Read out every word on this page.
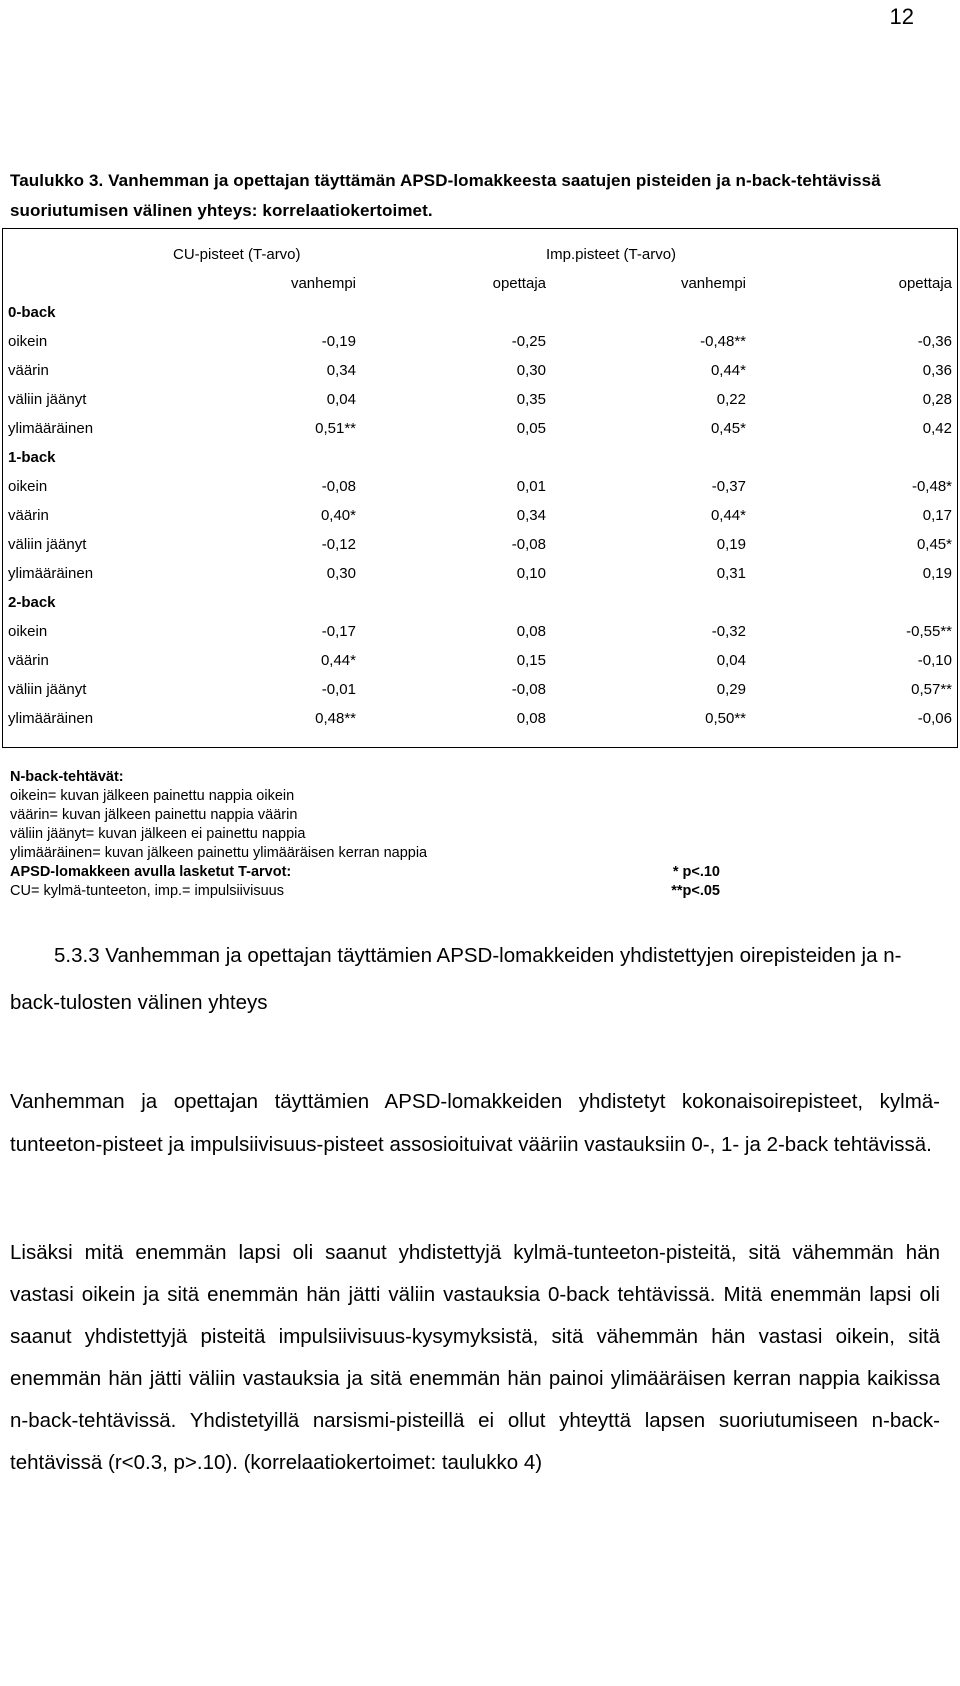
12
Taulukko 3. Vanhemman ja opettajan täyttämän APSD-lomakkeesta saatujen pisteiden ja n-back-tehtävissä suoriutumisen välinen yhteys: korrelaatiokertoimet.
	CU-pisteet (T-arvo)		Imp.pisteet (T-arvo)	
	vanhempi	opettaja	vanhempi	opettaja
0-back				
oikein	-0,19	-0,25	-0,48**	-0,36
väärin	0,34	0,30	0,44*	0,36
väliin jäänyt	0,04	0,35	0,22	0,28
ylimääräinen	0,51**	0,05	0,45*	0,42
1-back				
oikein	-0,08	0,01	-0,37	-0,48*
väärin	0,40*	0,34	0,44*	0,17
väliin jäänyt	-0,12	-0,08	0,19	0,45*
ylimääräinen	0,30	0,10	0,31	0,19
2-back				
oikein	-0,17	0,08	-0,32	-0,55**
väärin	0,44*	0,15	0,04	-0,10
väliin jäänyt	-0,01	-0,08	0,29	0,57**
ylimääräinen	0,48**	0,08	0,50**	-0,06
N-back-tehtävät:
oikein= kuvan jälkeen painettu nappia oikein
väärin= kuvan jälkeen painettu nappia väärin
väliin jäänyt= kuvan jälkeen ei painettu nappia
ylimääräinen= kuvan jälkeen painettu ylimääräisen kerran nappia
APSD-lomakkeen avulla lasketut T-arvot:	* p<.10
CU= kylmä-tunteeton, imp.= impulsiivisuus	**p<.05
5.3.3 Vanhemman ja opettajan täyttämien APSD-lomakkeiden yhdistettyjen oirepisteiden ja n-back-tulosten välinen yhteys
Vanhemman ja opettajan täyttämien APSD-lomakkeiden yhdistetyt kokonaisoirepisteet, kylmä-tunteeton-pisteet ja impulsiivisuus-pisteet assosioituivat vääriin vastauksiin 0-, 1- ja 2-back tehtävissä.
Lisäksi mitä enemmän lapsi oli saanut yhdistettyjä kylmä-tunteeton-pisteitä, sitä vähemmän hän vastasi oikein ja sitä enemmän hän jätti väliin vastauksia 0-back tehtävissä. Mitä enemmän lapsi oli saanut yhdistettyjä pisteitä impulsiivisuus-kysymyksistä, sitä vähemmän hän vastasi oikein, sitä enemmän hän jätti väliin vastauksia ja sitä enemmän hän painoi ylimääräisen kerran nappia kaikissa n-back-tehtävissä. Yhdistetyillä narsismi-pisteillä ei ollut yhteyttä lapsen suoriutumiseen n-back-tehtävissä (r<0.3, p>.10). (korrelaatiokertoimet: taulukko 4)
